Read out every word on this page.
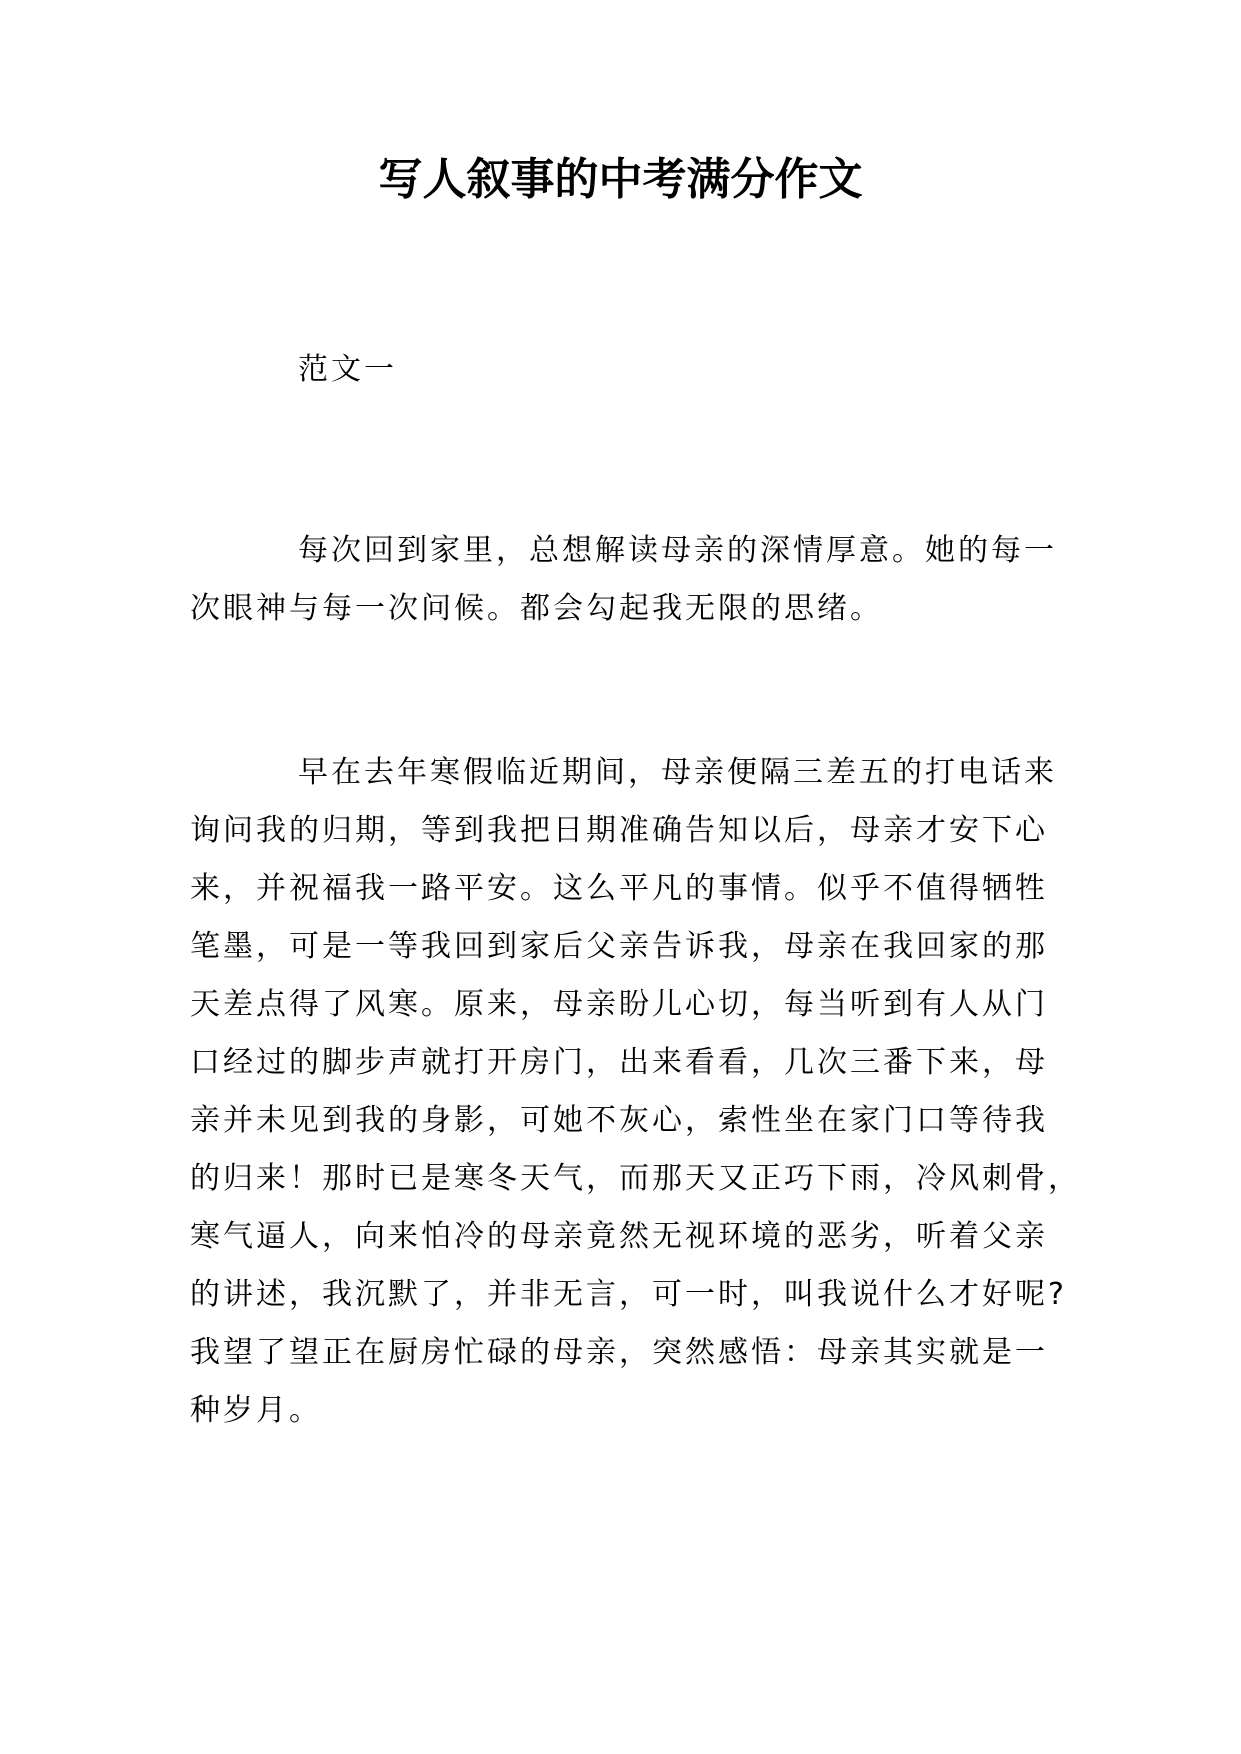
写人叙事的中考满分作文

范文一

每次回到家里，总想解读母亲的深情厚意。她的每一
次眼神与每一次问候。都会勾起我无限的思绪。
早在去年寒假临近期间，母亲便隔三差五的打电话来
询问我的归期，等到我把日期准确告知以后，母亲才安下心
来，并祝福我一路平安。这么平凡的事情。似乎不值得牺牲
笔墨，可是一等我回到家后父亲告诉我，母亲在我回家的那
天差点得了风寒。原来，母亲盼儿心切，每当听到有人从门
口经过的脚步声就打开房门，出来看看，几次三番下来，母
亲并未见到我的身影，可她不灰心，索性坐在家门口等待我
的归来！那时已是寒冬天气，而那天又正巧下雨，冷风刺骨，
寒气逼人，向来怕冷的母亲竟然无视环境的恶劣，听着父亲
的讲述，我沉默了，并非无言，可一时，叫我说什么才好呢?
我望了望正在厨房忙碌的母亲，突然感悟：母亲其实就是一
种岁月。
